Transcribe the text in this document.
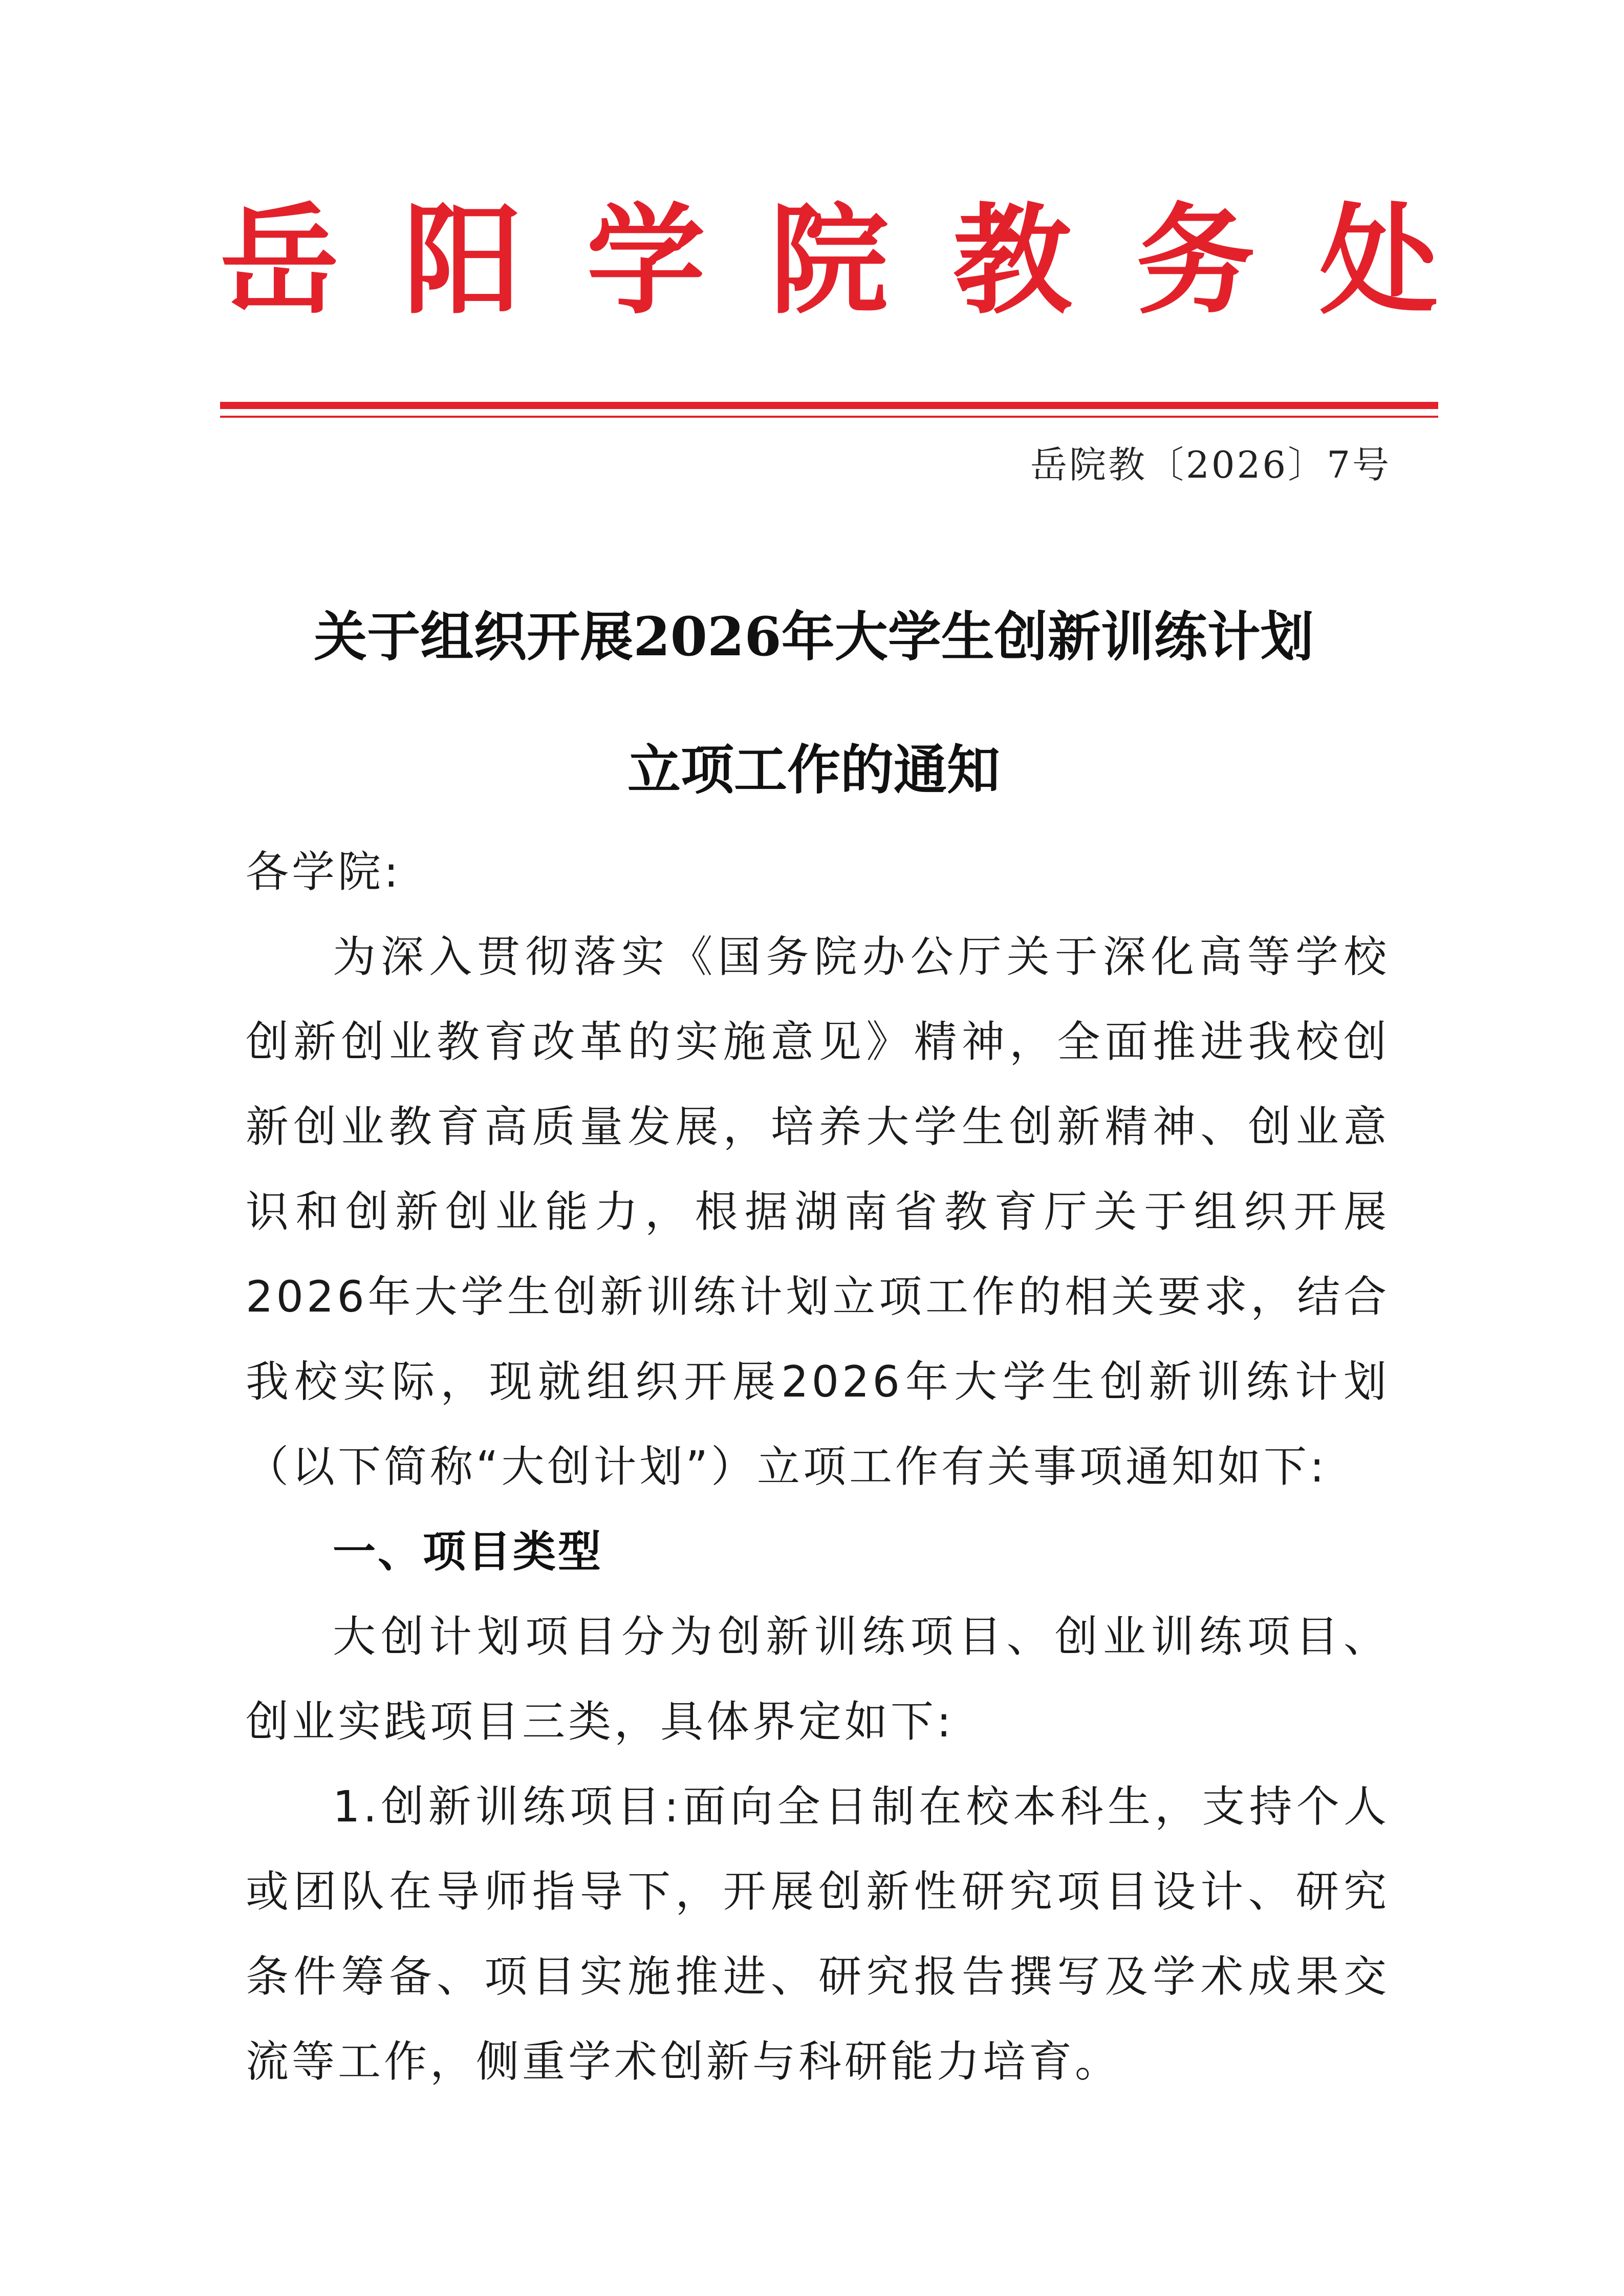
岳 阳 学 院 教 务 处
岳院教〔2026〕7号
关于组织开展2026年大学生创新训练计划
立项工作的通知

各学院:

为深入贯彻落实《国务院办公厅关于深化高等学校创新创业教育改革的实施意见》精神，全面推进我校创新创业教育高质量发展，培养大学生创新精神、创业意识和创新创业能力，根据湖南省教育厅关于组织开展2026年大学生创新训练计划立项工作的相关要求，结合我校实际，现就组织开展2026年大学生创新训练计划（以下简称“大创计划”）立项工作有关事项通知如下:

一、项目类型

大创计划项目分为创新训练项目、创业训练项目、创业实践项目三类，具体界定如下:

1.创新训练项目:面向全日制在校本科生，支持个人或团队在导师指导下，开展创新性研究项目设计、研究条件筹备、项目实施推进、研究报告撰写及学术成果交流等工作，侧重学术创新与科研能力培育。
